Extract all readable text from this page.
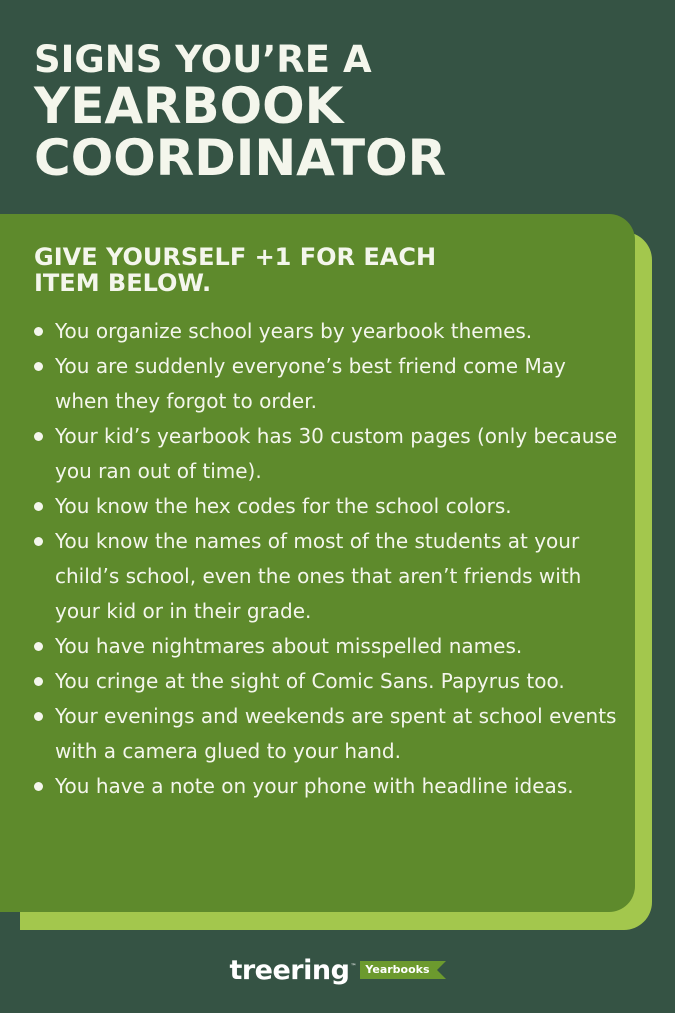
SIGNS YOU’RE A
YEARBOOK
COORDINATOR
GIVE YOURSELF +1 FOR EACH ITEM BELOW.
You organize school years by yearbook themes.
You are suddenly everyone’s best friend come May when they forgot to order.
Your kid’s yearbook has 30 custom pages (only because you ran out of time).
You know the hex codes for the school colors.
You know the names of most of the students at your child’s school, even the ones that aren’t friends with your kid or in their grade.
You have nightmares about misspelled names.
You cringe at the sight of Comic Sans. Papyrus too.
Your evenings and weekends are spent at school events with a camera glued to your hand.
You have a note on your phone with headline ideas.
treering ™ Yearbooks
